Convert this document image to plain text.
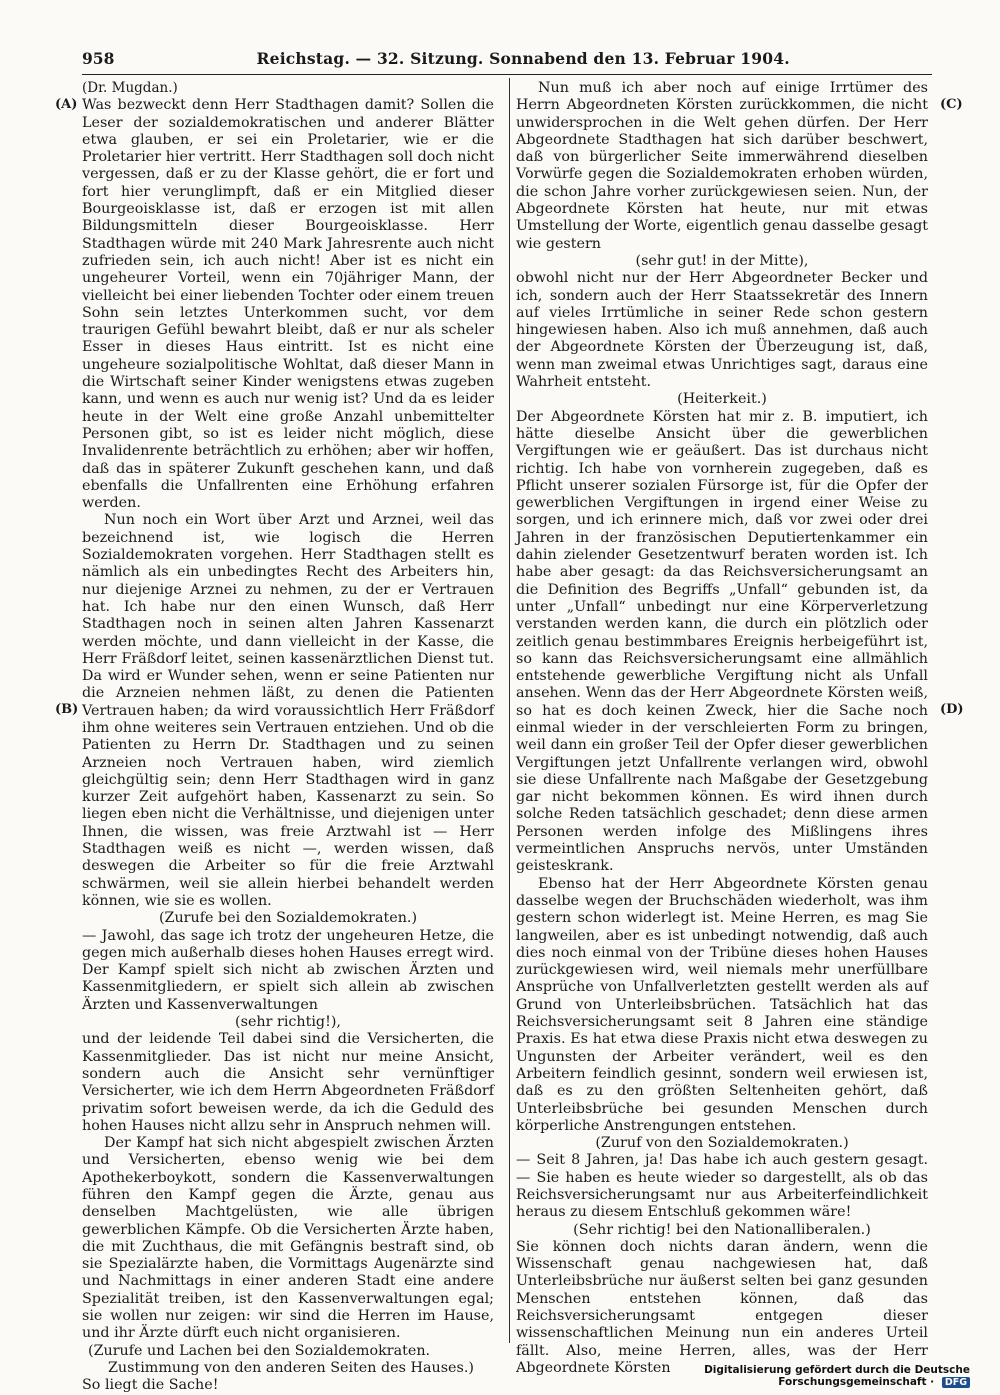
958	Reichstag. — 32. Sitzung. Sonnabend den 13. Februar 1904.
(A)
(B)
(C)
(D)

(Dr. Mugdan.)

Was bezweckt denn Herr Stadthagen damit? Sollen die Leser der sozialdemokratischen und anderer Blätter etwa glauben, er sei ein Proletarier, wie er die Proletarier hier vertritt. Herr Stadthagen soll doch nicht vergessen, daß er zu der Klasse gehört, die er fort und fort hier verunglimpft, daß er ein Mitglied dieser Bourgeoisklasse ist, daß er erzogen ist mit allen Bildungsmitteln dieser Bourgeoisklasse. Herr Stadthagen würde mit 240 Mark Jahresrente auch nicht zufrieden sein, ich auch nicht! Aber ist es nicht ein ungeheurer Vorteil, wenn ein 70jähriger Mann, der vielleicht bei einer liebenden Tochter oder einem treuen Sohn sein letztes Unterkommen sucht, vor dem traurigen Gefühl bewahrt bleibt, daß er nur als scheler Esser in dieses Haus eintritt. Ist es nicht eine ungeheure sozialpolitische Wohltat, daß dieser Mann in die Wirtschaft seiner Kinder wenigstens etwas zugeben kann, und wenn es auch nur wenig ist? Und da es leider heute in der Welt eine große Anzahl unbemittelter Personen gibt, so ist es leider nicht möglich, diese Invalidenrente beträchtlich zu erhöhen; aber wir hoffen, daß das in späterer Zukunft geschehen kann, und daß ebenfalls die Unfallrenten eine Erhöhung erfahren werden.

Nun noch ein Wort über Arzt und Arznei, weil das bezeichnend ist, wie logisch die Herren Sozialdemokraten vorgehen. Herr Stadthagen stellt es nämlich als ein unbedingtes Recht des Arbeiters hin, nur diejenige Arznei zu nehmen, zu der er Vertrauen hat. Ich habe nur den einen Wunsch, daß Herr Stadthagen noch in seinen alten Jahren Kassenarzt werden möchte, und dann vielleicht in der Kasse, die Herr Fräßdorf leitet, seinen kassenärztlichen Dienst tut. Da wird er Wunder sehen, wenn er seine Patienten nur die Arzneien nehmen läßt, zu denen die Patienten Vertrauen haben; da wird voraussichtlich Herr Fräßdorf ihm ohne weiteres sein Vertrauen entziehen. Und ob die Patienten zu Herrn Dr. Stadthagen und zu seinen Arzneien noch Vertrauen haben, wird ziemlich gleichgültig sein; denn Herr Stadthagen wird in ganz kurzer Zeit aufgehört haben, Kassenarzt zu sein. So liegen eben nicht die Verhältnisse, und diejenigen unter Ihnen, die wissen, was freie Arztwahl ist — Herr Stadthagen weiß es nicht —, werden wissen, daß deswegen die Arbeiter so für die freie Arztwahl schwärmen, weil sie allein hierbei behandelt werden können, wie sie es wollen.

(Zurufe bei den Sozialdemokraten.)

— Jawohl, das sage ich trotz der ungeheuren Hetze, die gegen mich außerhalb dieses hohen Hauses erregt wird. Der Kampf spielt sich nicht ab zwischen Ärzten und Kassenmitgliedern, er spielt sich allein ab zwischen Ärzten und Kassenverwaltungen

(sehr richtig!),

und der leidende Teil dabei sind die Versicherten, die Kassenmitglieder. Das ist nicht nur meine Ansicht, sondern auch die Ansicht sehr vernünftiger Versicherter, wie ich dem Herrn Abgeordneten Fräßdorf privatim sofort beweisen werde, da ich die Geduld des hohen Hauses nicht allzu sehr in Anspruch nehmen will.

Der Kampf hat sich nicht abgespielt zwischen Ärzten und Versicherten, ebenso wenig wie bei dem Apothekerboykott, sondern die Kassenverwaltungen führen den Kampf gegen die Ärzte, genau aus denselben Machtgelüsten, wie alle übrigen gewerblichen Kämpfe. Ob die Versicherten Ärzte haben, die mit Zuchthaus, die mit Gefängnis bestraft sind, ob sie Spezialärzte haben, die Vormittags Augenärzte sind und Nachmittags in einer anderen Stadt eine andere Spezialität treiben, ist den Kassenverwaltungen egal; sie wollen nur zeigen: wir sind die Herren im Hause, und ihr Ärzte dürft euch nicht organisieren.

(Zurufe und Lachen bei den Sozialdemokraten. Zustimmung von den anderen Seiten des Hauses.)

So liegt die Sache!

Nun muß ich aber noch auf einige Irrtümer des Herrn Abgeordneten Körsten zurückkommen, die nicht unwidersprochen in die Welt gehen dürfen. Der Herr Abgeordnete Stadthagen hat sich darüber beschwert, daß von bürgerlicher Seite immerwährend dieselben Vorwürfe gegen die Sozialdemokraten erhoben würden, die schon Jahre vorher zurückgewiesen seien. Nun, der Abgeordnete Körsten hat heute, nur mit etwas Umstellung der Worte, eigentlich genau dasselbe gesagt wie gestern

(sehr gut! in der Mitte),

obwohl nicht nur der Herr Abgeordneter Becker und ich, sondern auch der Herr Staatssekretär des Innern auf vieles Irrtümliche in seiner Rede schon gestern hingewiesen haben. Also ich muß annehmen, daß auch der Abgeordnete Körsten der Überzeugung ist, daß, wenn man zweimal etwas Unrichtiges sagt, daraus eine Wahrheit entsteht.

(Heiterkeit.)

Der Abgeordnete Körsten hat mir z. B. imputiert, ich hätte dieselbe Ansicht über die gewerblichen Vergiftungen wie er geäußert. Das ist durchaus nicht richtig. Ich habe von vornherein zugegeben, daß es Pflicht unserer sozialen Fürsorge ist, für die Opfer der gewerblichen Vergiftungen in irgend einer Weise zu sorgen, und ich erinnere mich, daß vor zwei oder drei Jahren in der französischen Deputiertenkammer ein dahin zielender Gesetzentwurf beraten worden ist. Ich habe aber gesagt: da das Reichsversicherungsamt an die Definition des Begriffs „Unfall“ gebunden ist, da unter „Unfall“ unbedingt nur eine Körperverletzung verstanden werden kann, die durch ein plötzlich oder zeitlich genau bestimmbares Ereignis herbeigeführt ist, so kann das Reichsversicherungsamt eine allmählich entstehende gewerbliche Vergiftung nicht als Unfall ansehen. Wenn das der Herr Abgeordnete Körsten weiß, so hat es doch keinen Zweck, hier die Sache noch einmal wieder in der verschleierten Form zu bringen, weil dann ein großer Teil der Opfer dieser gewerblichen Vergiftungen jetzt Unfallrente verlangen wird, obwohl sie diese Unfallrente nach Maßgabe der Gesetzgebung gar nicht bekommen können. Es wird ihnen durch solche Reden tatsächlich geschadet; denn diese armen Personen werden infolge des Mißlingens ihres vermeintlichen Anspruchs nervös, unter Umständen geisteskrank.

Ebenso hat der Herr Abgeordnete Körsten genau dasselbe wegen der Bruchschäden wiederholt, was ihm gestern schon widerlegt ist. Meine Herren, es mag Sie langweilen, aber es ist unbedingt notwendig, daß auch dies noch einmal von der Tribüne dieses hohen Hauses zurückgewiesen wird, weil niemals mehr unerfüllbare Ansprüche von Unfallverletzten gestellt werden als auf Grund von Unterleibsbrüchen. Tatsächlich hat das Reichsversicherungsamt seit 8 Jahren eine ständige Praxis. Es hat etwa diese Praxis nicht etwa deswegen zu Ungunsten der Arbeiter verändert, weil es den Arbeitern feindlich gesinnt, sondern weil erwiesen ist, daß es zu den größten Seltenheiten gehört, daß Unterleibsbrüche bei gesunden Menschen durch körperliche Anstrengungen entstehen.

(Zuruf von den Sozialdemokraten.)

— Seit 8 Jahren, ja! Das habe ich auch gestern gesagt. — Sie haben es heute wieder so dargestellt, als ob das Reichsversicherungsamt nur aus Arbeiterfeindlichkeit heraus zu diesem Entschluß gekommen wäre!

(Sehr richtig! bei den Nationalliberalen.)

Sie können doch nichts daran ändern, wenn die Wissenschaft genau nachgewiesen hat, daß Unterleibsbrüche nur äußerst selten bei ganz gesunden Menschen entstehen können, daß das Reichsversicherungsamt entgegen dieser wissenschaftlichen Meinung nun ein anderes Urteil fällt. Also, meine Herren, alles, was der Herr Abgeordnete Körsten	Digitalisierung gefördert durch die Deutsche Forschungsgemeinschaft · DFG
